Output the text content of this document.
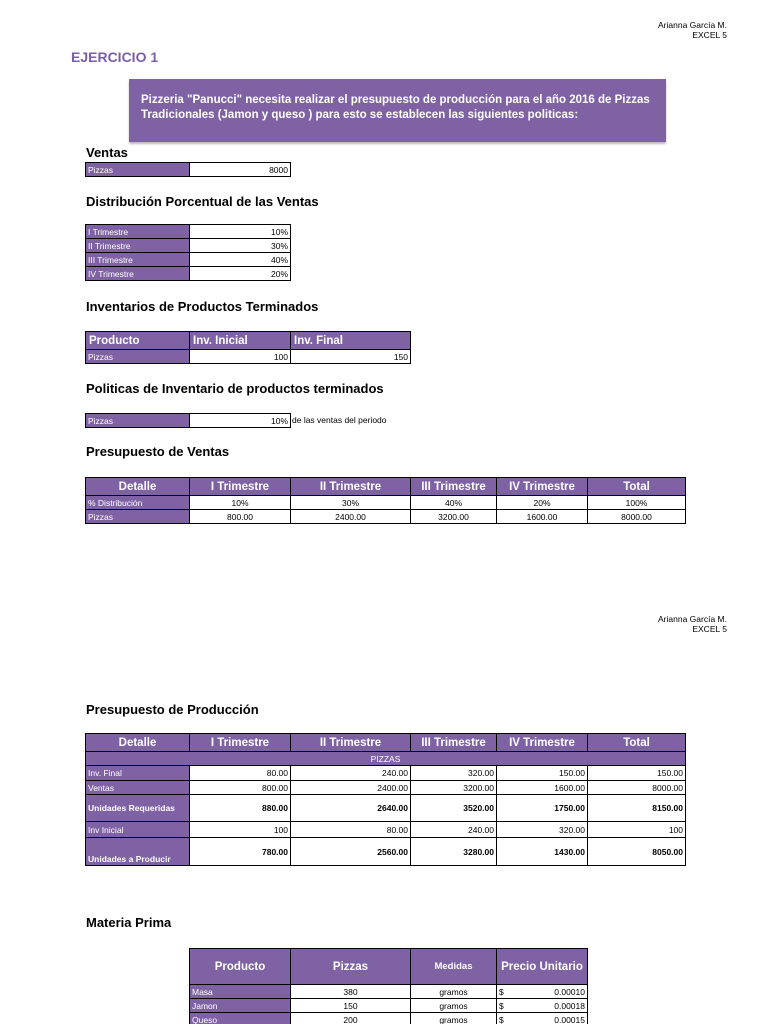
Arianna García M.
EXCEL 5
EJERCICIO 1
Pizzeria "Panucci" necesita realizar el presupuesto de producción para el año 2016 de Pizzas
Tradicionales (Jamon y queso ) para esto se establecen las siguientes politicas:
Ventas
Pizzas	8000
Distribución Porcentual de las Ventas
I Trimestre	10%
II Trimestre	30%
III Trimestre	40%
IV Trimestre	20%
Inventarios de Productos Terminados
Producto	Inv. Inicial	Inv. Final
Pizzas	100	150
Politicas de Inventario de productos terminados
Pizzas	10% de las ventas del periodo
Presupuesto de Ventas
Detalle	I Trimestre	II Trimestre	III Trimestre	IV Trimestre	Total
% Distribución	10%	30%	40%	20%	100%
Pizzas	800.00	2400.00	3200.00	1600.00	8000.00
Arianna García M.
EXCEL 5
Presupuesto de Producción
Detalle	I Trimestre	II Trimestre	III Trimestre	IV Trimestre	Total
PIZZAS					
Inv. Final	80.00	240.00	320.00	150.00	150.00
Ventas	800.00	2400.00	3200.00	1600.00	8000.00
Unidades Requeridas	880.00	2640.00	3520.00	1750.00	8150.00
Inv Inicial	100	80.00	240.00	320.00	100
Unidades a Producir	780.00	2560.00	3280.00	1430.00	8050.00
Materia Prima
Producto	Pizzas	Medidas	Precio Unitario	
Masa	380	gramos	$	0.00010
Jamon	150	gramos	$	0.00018
Queso	200	gramos	$	0.00015
